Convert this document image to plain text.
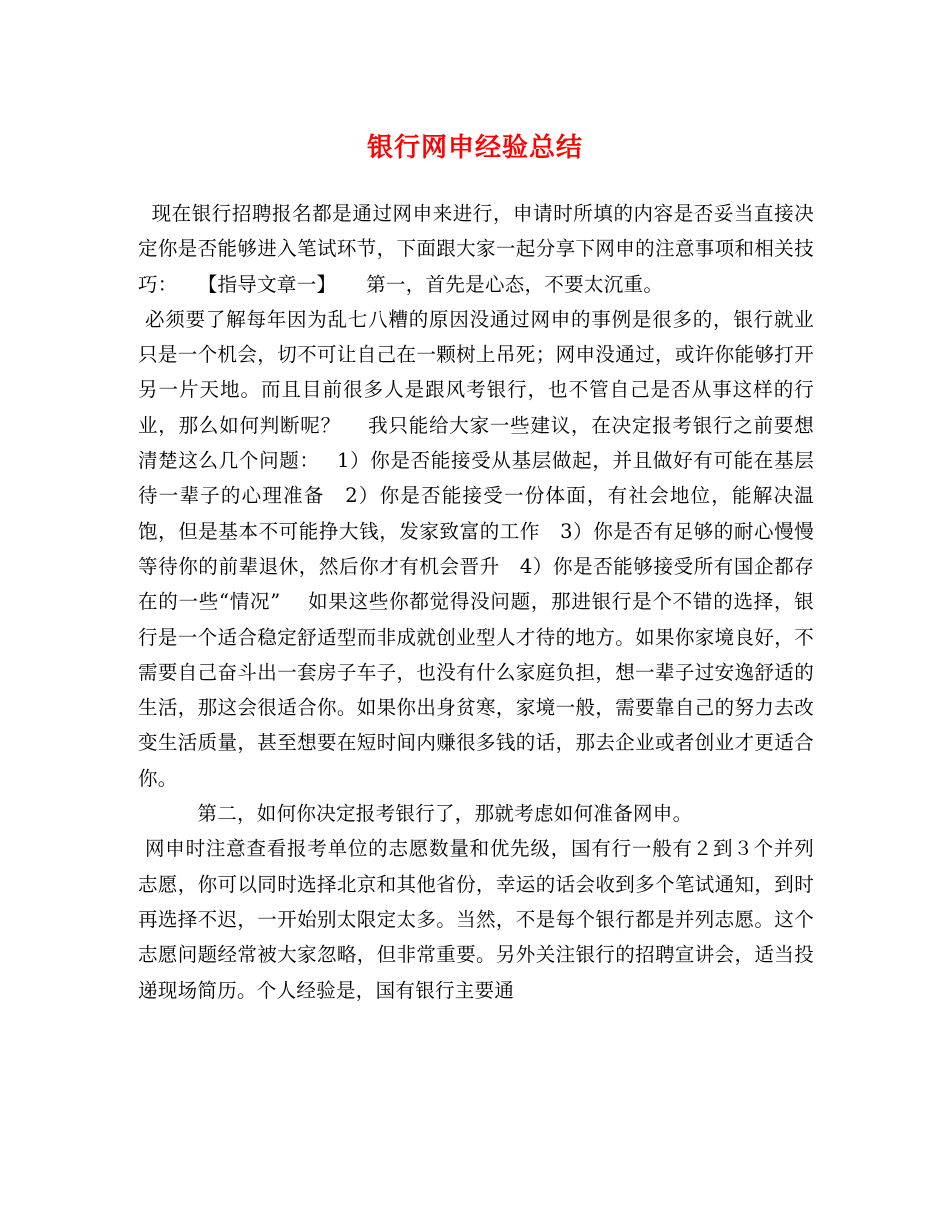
银行网申经验总结

现在银行招聘报名都是通过网申来进行，申请时所填的内容是否妥当直接决定你是否能够进入笔试环节，下面跟大家一起分享下网申的注意事项和相关技巧：　　【指导文章一】　　第一，首先是心态，不要太沉重。

必须要了解每年因为乱七八糟的原因没通过网申的事例是很多的，银行就业只是一个机会，切不可让自己在一颗树上吊死；网申没通过，或许你能够打开另一片天地。而且目前很多人是跟风考银行，也不管自己是否从事这样的行业，那么如何判断呢？　 我只能给大家一些建议，在决定报考银行之前要想清楚这么几个问题：　 1）你是否能接受从基层做起，并且做好有可能在基层待一辈子的心理准备　2）你是否能接受一份体面，有社会地位，能解决温饱，但是基本不可能挣大钱，发家致富的工作　3）你是否有足够的耐心慢慢等待你的前辈退休，然后你才有机会晋升　4）你是否能够接受所有国企都存在的一些“情况”　 如果这些你都觉得没问题，那进银行是个不错的选择，银行是一个适合稳定舒适型而非成就创业型人才待的地方。如果你家境良好，不需要自己奋斗出一套房子车子，也没有什么家庭负担，想一辈子过安逸舒适的生活，那这会很适合你。如果你出身贫寒，家境一般，需要靠自己的努力去改变生活质量，甚至想要在短时间内赚很多钱的话，那去企业或者创业才更适合你。

　　　第二，如何你决定报考银行了，那就考虑如何准备网申。

网申时注意查看报考单位的志愿数量和优先级，国有行一般有２到３个并列志愿，你可以同时选择北京和其他省份，幸运的话会收到多个笔试通知，到时再选择不迟，一开始别太限定太多。当然，不是每个银行都是并列志愿。这个志愿问题经常被大家忽略，但非常重要。另外关注银行的招聘宣讲会，适当投递现场简历。个人经验是，国有银行主要通
